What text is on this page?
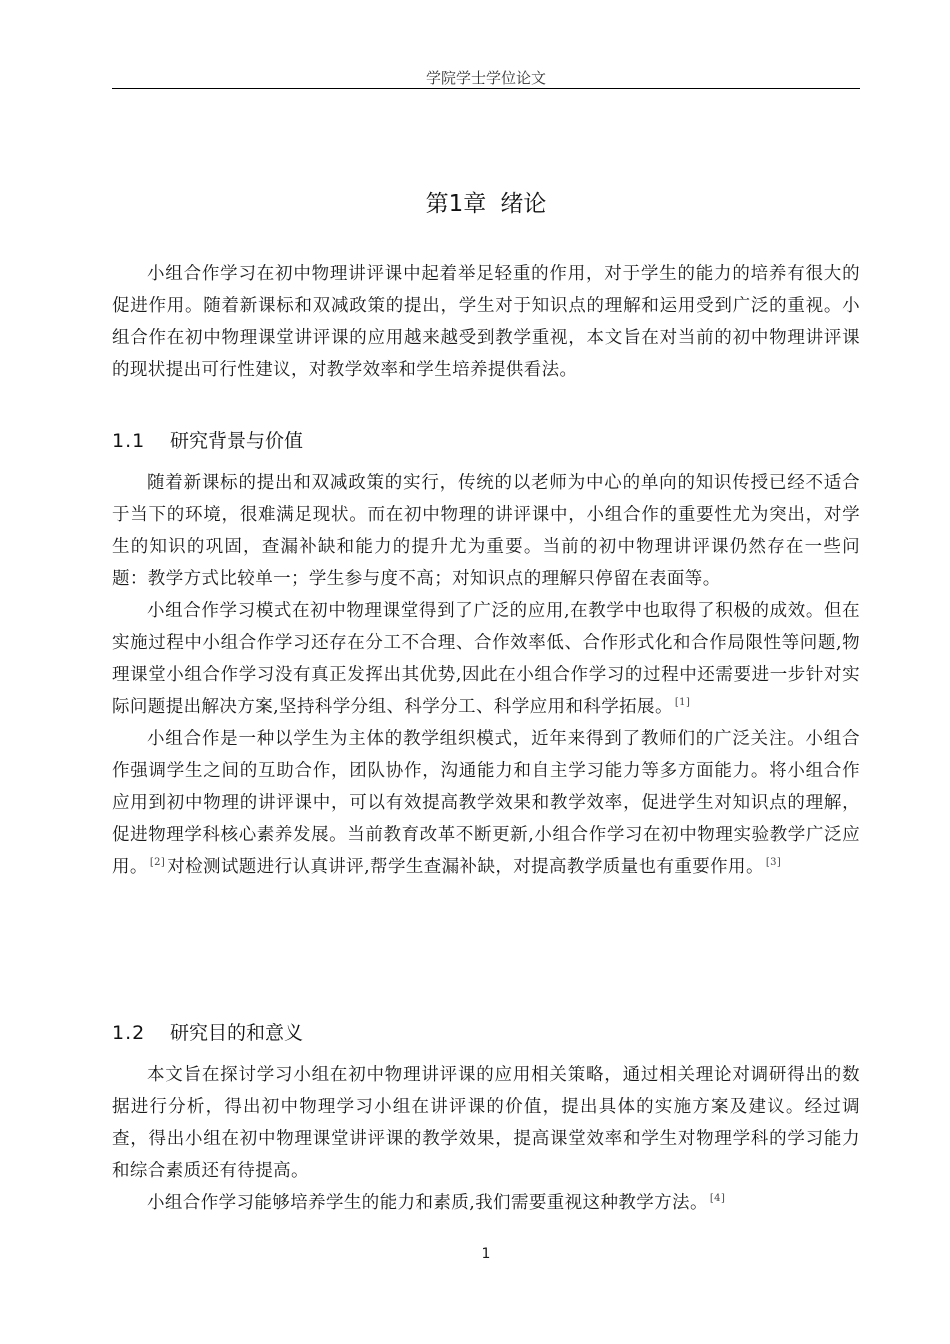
学院学士学位论文
第1章 绪论

小组合作学习在初中物理讲评课中起着举足轻重的作用，对于学生的能力的培养有很大的促进作用。随着新课标和双减政策的提出，学生对于知识点的理解和运用受到广泛的重视。小组合作在初中物理课堂讲评课的应用越来越受到教学重视，本文旨在对当前的初中物理讲评课的现状提出可行性建议，对教学效率和学生培养提供看法。

1.1 研究背景与价值

随着新课标的提出和双减政策的实行，传统的以老师为中心的单向的知识传授已经不适合于当下的环境，很难满足现状。而在初中物理的讲评课中，小组合作的重要性尤为突出，对学生的知识的巩固，查漏补缺和能力的提升尤为重要。当前的初中物理讲评课仍然存在一些问题：教学方式比较单一；学生参与度不高；对知识点的理解只停留在表面等。

小组合作学习模式在初中物理课堂得到了广泛的应用,在教学中也取得了积极的成效。但在实施过程中小组合作学习还存在分工不合理、合作效率低、合作形式化和合作局限性等问题,物理课堂小组合作学习没有真正发挥出其优势,因此在小组合作学习的过程中还需要进一步针对实际问题提出解决方案,坚持科学分组、科学分工、科学应用和科学拓展。 [1]

小组合作是一种以学生为主体的教学组织模式，近年来得到了教师们的广泛关注。小组合作强调学生之间的互助合作，团队协作，沟通能力和自主学习能力等多方面能力。将小组合作应用到初中物理的讲评课中，可以有效提高教学效果和教学效率，促进学生对知识点的理解，促进物理学科核心素养发展。当前教育改革不断更新,小组合作学习在初中物理实验教学广泛应用。 [2] 对检测试题进行认真讲评,帮学生查漏补缺，对提高教学质量也有重要作用。 [3]

1.2 研究目的和意义

本文旨在探讨学习小组在初中物理讲评课的应用相关策略，通过相关理论对调研得出的数据进行分析，得出初中物理学习小组在讲评课的价值，提出具体的实施方案及建议。经过调查，得出小组在初中物理课堂讲评课的教学效果，提高课堂效率和学生对物理学科的学习能力和综合素质还有待提高。

小组合作学习能够培养学生的能力和素质,我们需要重视这种教学方法。 [4]

1
